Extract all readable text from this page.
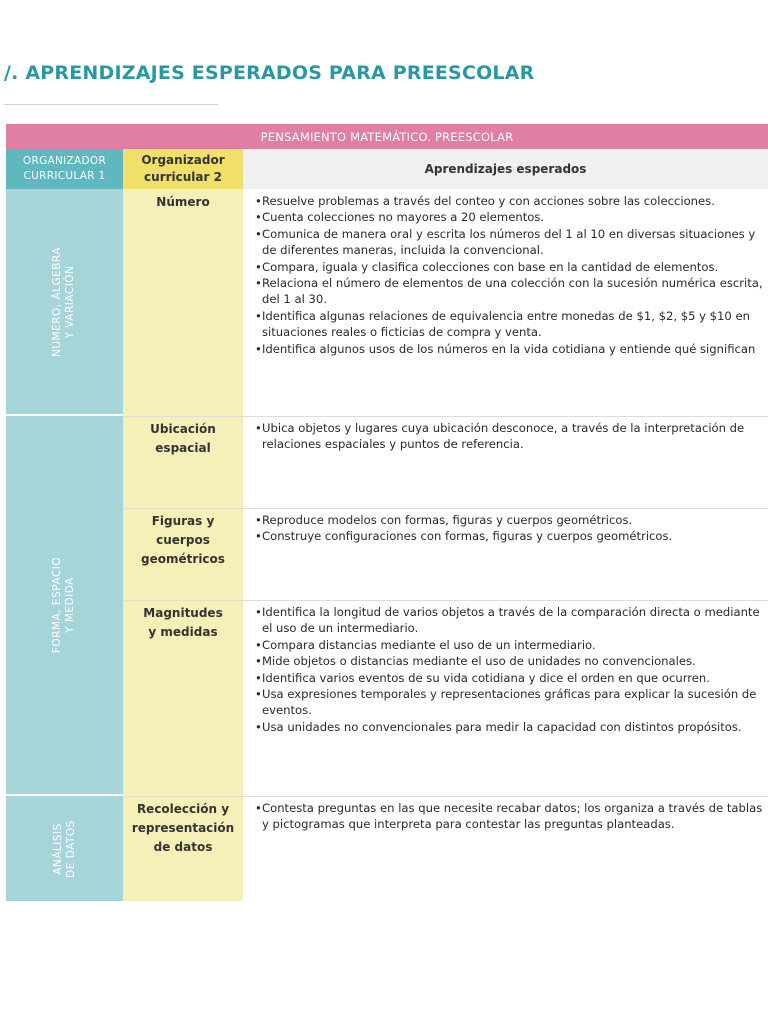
/. APRENDIZAJES ESPERADOS PARA PREESCOLAR
PENSAMIENTO MATEMÁTICO. PREESCOLAR
ORGANIZADOR
CURRICULAR 1
Organizador
curricular 2
Aprendizajes esperados
NÚMERO, ÁLGEBRA Y VARIACIÓN
FORMA, ESPACIO Y MEDIDA
ANÁLISIS DE DATOS
Número
•	Resuelve problemas a través del conteo y con acciones sobre las colecciones.
• Cuenta colecciones no mayores a 20 elementos.
• Comunica de manera oral y escrita los números del 1 al 10 en diversas situaciones y de diferentes maneras, incluida la convencional.
• Compara, iguala y clasifica colecciones con base en la cantidad de elementos.
• Relaciona el número de elementos de una colección con la sucesión numérica escrita, del 1 al 30.
• Identifica algunas relaciones de equivalencia entre monedas de $1, $2, $5 y $10 en situaciones reales o ficticias de compra y venta.
• Identifica algunos usos de los números en la vida cotidiana y entiende qué significan
Ubicación
espacial
• Ubica objetos y lugares cuya ubicación desconoce, a través de la interpretación de relaciones espaciales y puntos de referencia.
Figuras y cuerpos
geométricos
• Reproduce modelos con formas, figuras y cuerpos geométricos.
• Construye configuraciones con formas, figuras y cuerpos geométricos.
Magnitudes
y medidas
• Identifica la longitud de varios objetos a través de la comparación directa o mediante el uso de un intermediario.
• Compara distancias mediante el uso de un intermediario.
• Mide objetos o distancias mediante el uso de unidades no convencionales.
• Identifica varios eventos de su vida cotidiana y dice el orden en que ocurren.
• Usa expresiones temporales y representaciones gráficas para explicar la sucesión de eventos.
• Usa unidades no convencionales para medir la capacidad con distintos propósitos.
Recolección y
representación
de datos
• Contesta preguntas en las que necesite recabar datos; los organiza a través de tablas y pictogramas que interpreta para contestar las preguntas planteadas.
